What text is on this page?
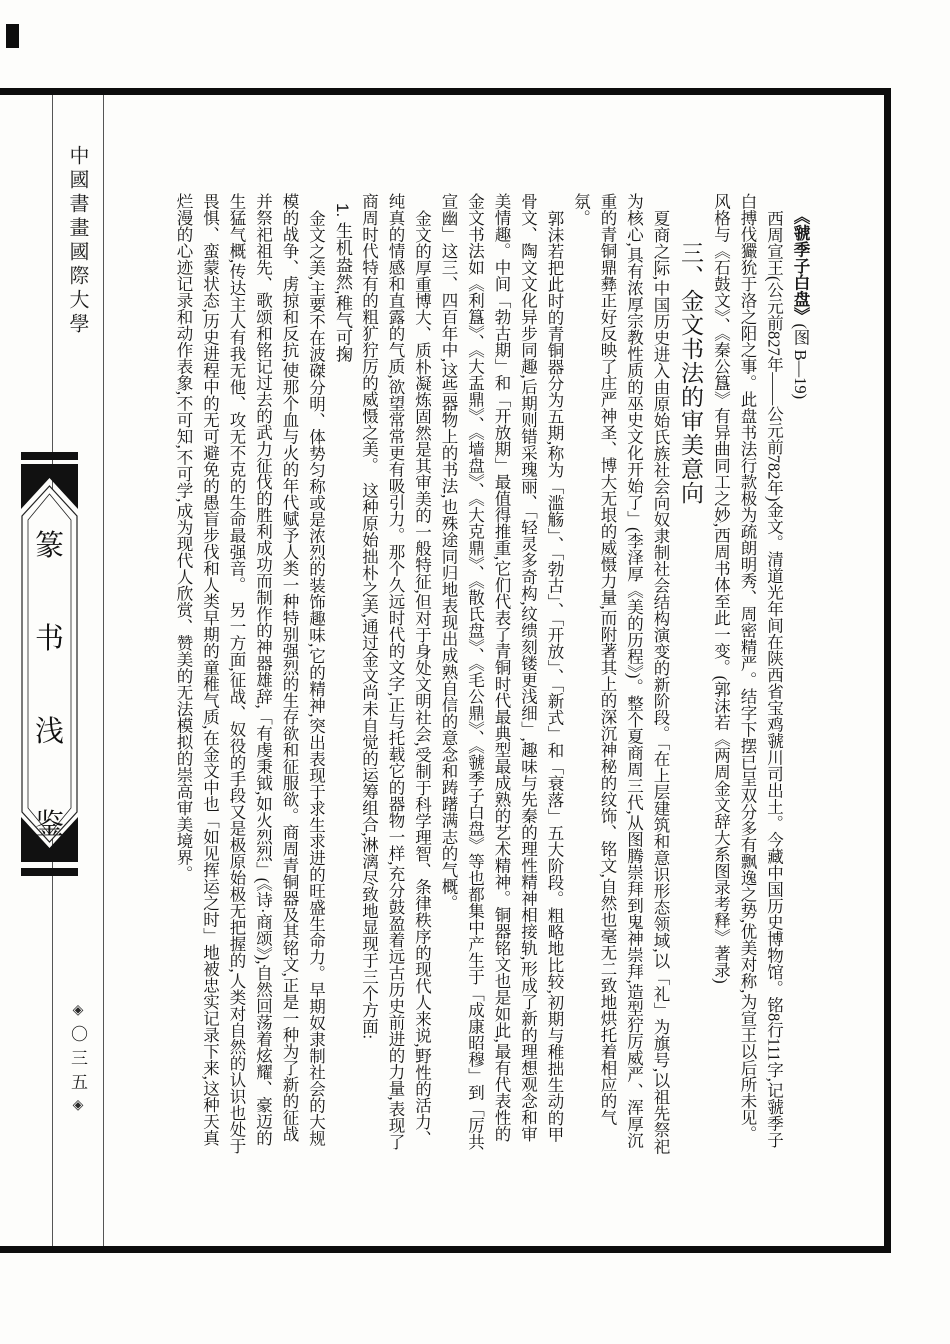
中國書畫國際大學
篆
书
浅
鉴
◈〇三五◈

《虢季子白盘》(图 B—19)

西周宣王(公元前827年——公元前782年)金文。清道光年间在陕西省宝鸡虢川司出土。今藏中国历史博物馆。铭8行111字,记虢季子白搏伐玁狁于洛之阳之事。此盘书法行款极为疏朗明秀、周密精严。结字下摆已呈双分多有飘逸之势,优美对称,为宣王以后所未见。风格与《石鼓文》、《秦公簋》有异曲同工之妙,西周书体至此一变。(郭沫若《两周金文辞大系图录考释》著录)

三、金文书法的审美意向

夏商之际,中国历史进入由原始氏族社会向奴隶制社会结构演变的新阶段。「在上层建筑和意识形态领域,以「礼」为旗号,以祖先祭祀为核心,具有浓厚宗教性质的巫史文化开始了」(李泽厚《美的历程》)。整个夏商周三代,从图腾崇拜到鬼神崇拜,造型狞厉威严、浑厚沉重的青铜鼎彝正好反映了庄严神圣、博大无垠的威慑力量,而附著其上的深沉神秘的纹饰、铭文,自然也毫无二致地烘托着相应的气氛。

郭沫若把此时的青铜器分为五期,称为「滥觞」、「勃古」、「开放」、「新式」和「衰落」五大阶段。粗略地比较,初期与稚拙生动的甲骨文、陶文文化异步同趣,后期则错采瑰丽、「轻灵多奇构,纹缋刻镂更浅细」,趣味与先秦的理性精神相接轨,形成了新的理想观念和审美情趣。中间「勃古期」和「开放期」最值得推重,它们代表了青铜时代最典型最成熟的艺术精神。铜器铭文也是如此,最有代表性的金文书法如《利簋》、《大盂鼎》、《墙盘》、《大克鼎》、《散氏盘》、《毛公鼎》、《虢季子白盘》等也都集中产生于「成康昭穆」到「厉共宣幽」这三、四百年中,这些器物上的书法,也殊途同归地表现出成熟自信的意念和踌躇满志的气概。

金文的厚重博大、质朴凝炼固然是其审美的一般特征,但对于身处文明社会,受制于科学理智、条律秩序的现代人来说,野性的活力、纯真的情感和直露的气质,欲望常常更有吸引力。那个久远时代的文字,正与托载它的器物一样,充分鼓盈着远古历史前进的力量,表现了商周时代特有的粗犷狞厉的威慑之美。　这种原始拙朴之美,通过金文尚未自觉的运筹组合,淋漓尽致地显现于三个方面:

1. 生机盎然,稚气可掬

金文之美,主要不在波磔分明、体势匀称或是浓烈的装饰趣味,它的精神,突出表现于求生求进的旺盛生命力。早期奴隶制社会的大规模的战争、虏掠和反抗,使那个血与火的年代赋予人类一种特别强烈的生存欲和征服欲。商周青铜器及其铭文,正是一种为了新的征战并祭祀祖先、歌颂和铭记过去的武力征伐的胜利成功而制作的神器雄辞,「有虔秉钺,如火烈烈」(《诗·商颂》),自然回荡着炫耀、豪迈的生猛气概,传达主人有我无他、攻无不克的生命最强音。　另一方面,征战、奴役的手段又是极原始极无把握的,人类对自然的认识也处于畏惧、蛮蒙状态,历史进程中的无可避免的愚盲步伐和人类早期的童稚气质,在金文中也「如见挥运之时」地被忠实记录下来,这种天真烂漫的心迹记录和动作表象,不可知,不可学,成为现代人欣赏、赞美的无法模拟的崇高审美境界。
